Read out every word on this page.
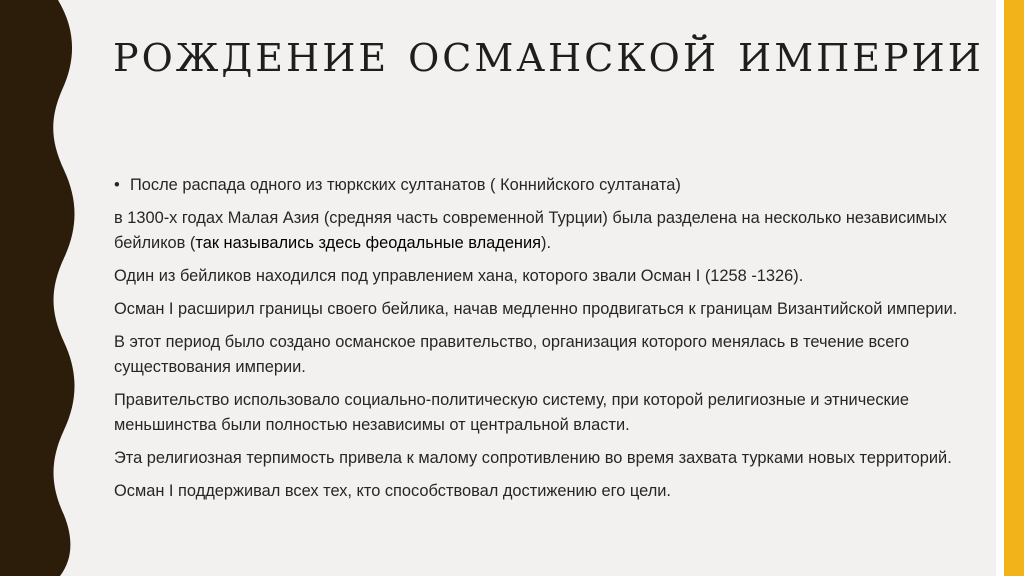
РОЖДЕНИЕ ОСМАНСКОЙ ИМПЕРИИ
• После распада одного из тюркских султанатов ( Коннийского султаната)

в 1300-х годах Малая Азия (средняя часть современной Турции) была разделена на несколько независимых бейликов (так назывались здесь феодальные владения).

Один из бейликов находился под управлением хана, которого звали Осман I (1258 -1326).

Осман I расширил границы своего бейлика, начав медленно продвигаться к границам Византийской империи.

В этот период было создано османское правительство, организация которого менялась в течение всего существования империи.

Правительство использовало социально-политическую систему, при которой религиозные и этнические меньшинства были полностью независимы от центральной власти.

Эта религиозная терпимость привела к малому сопротивлению во время захвата турками новых территорий.

Осман I поддерживал всех тех, кто способствовал достижению его цели.
